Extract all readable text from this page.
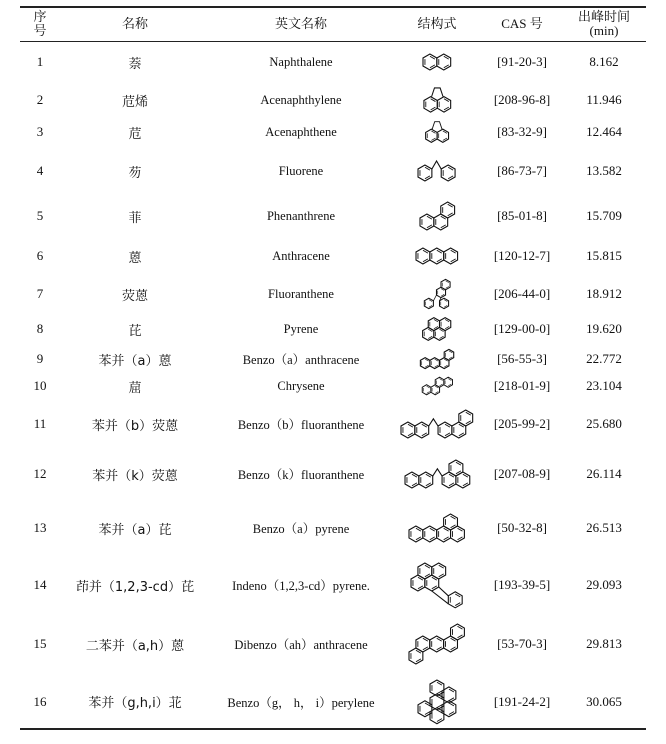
序
号	名称	英文名称	结构式	CAS 号	出峰时间
(min)

1	萘	Naphthalene		[91-20-3]	8.162
2	苊烯	Acenaphthylene		[208-96-8]	11.946
3	苊	Acenaphthene		[83-32-9]	12.464
4	芴	Fluorene		[86-73-7]	13.582
5	菲	Phenanthrene		[85-01-8]	15.709
6	蒽	Anthracene		[120-12-7]	15.815
7	荧蒽	Fluoranthene		[206-44-0]	18.912
8	芘	Pyrene		[129-00-0]	19.620
9	苯并（a）蒽	Benzo（a）anthracene		[56-55-3]	22.772
10	䓛	Chrysene		[218-01-9]	23.104
11	苯并（b）荧蒽	Benzo（b）fluoranthene		[205-99-2]	25.680
12	苯并（k）荧蒽	Benzo（k）fluoranthene		[207-08-9]	26.114
13	苯并（a）芘	Benzo（a）pyrene		[50-32-8]	26.513
14	茚并（1,2,3-cd）芘	Indeno（1,2,3-cd）pyrene.		[193-39-5]	29.093
15	二苯并（a,h）蒽	Dibenzo（ah）anthracene		[53-70-3]	29.813
16	苯并（g,h,i）苝	Benzo（g， h， i）perylene		[191-24-2]	30.065
